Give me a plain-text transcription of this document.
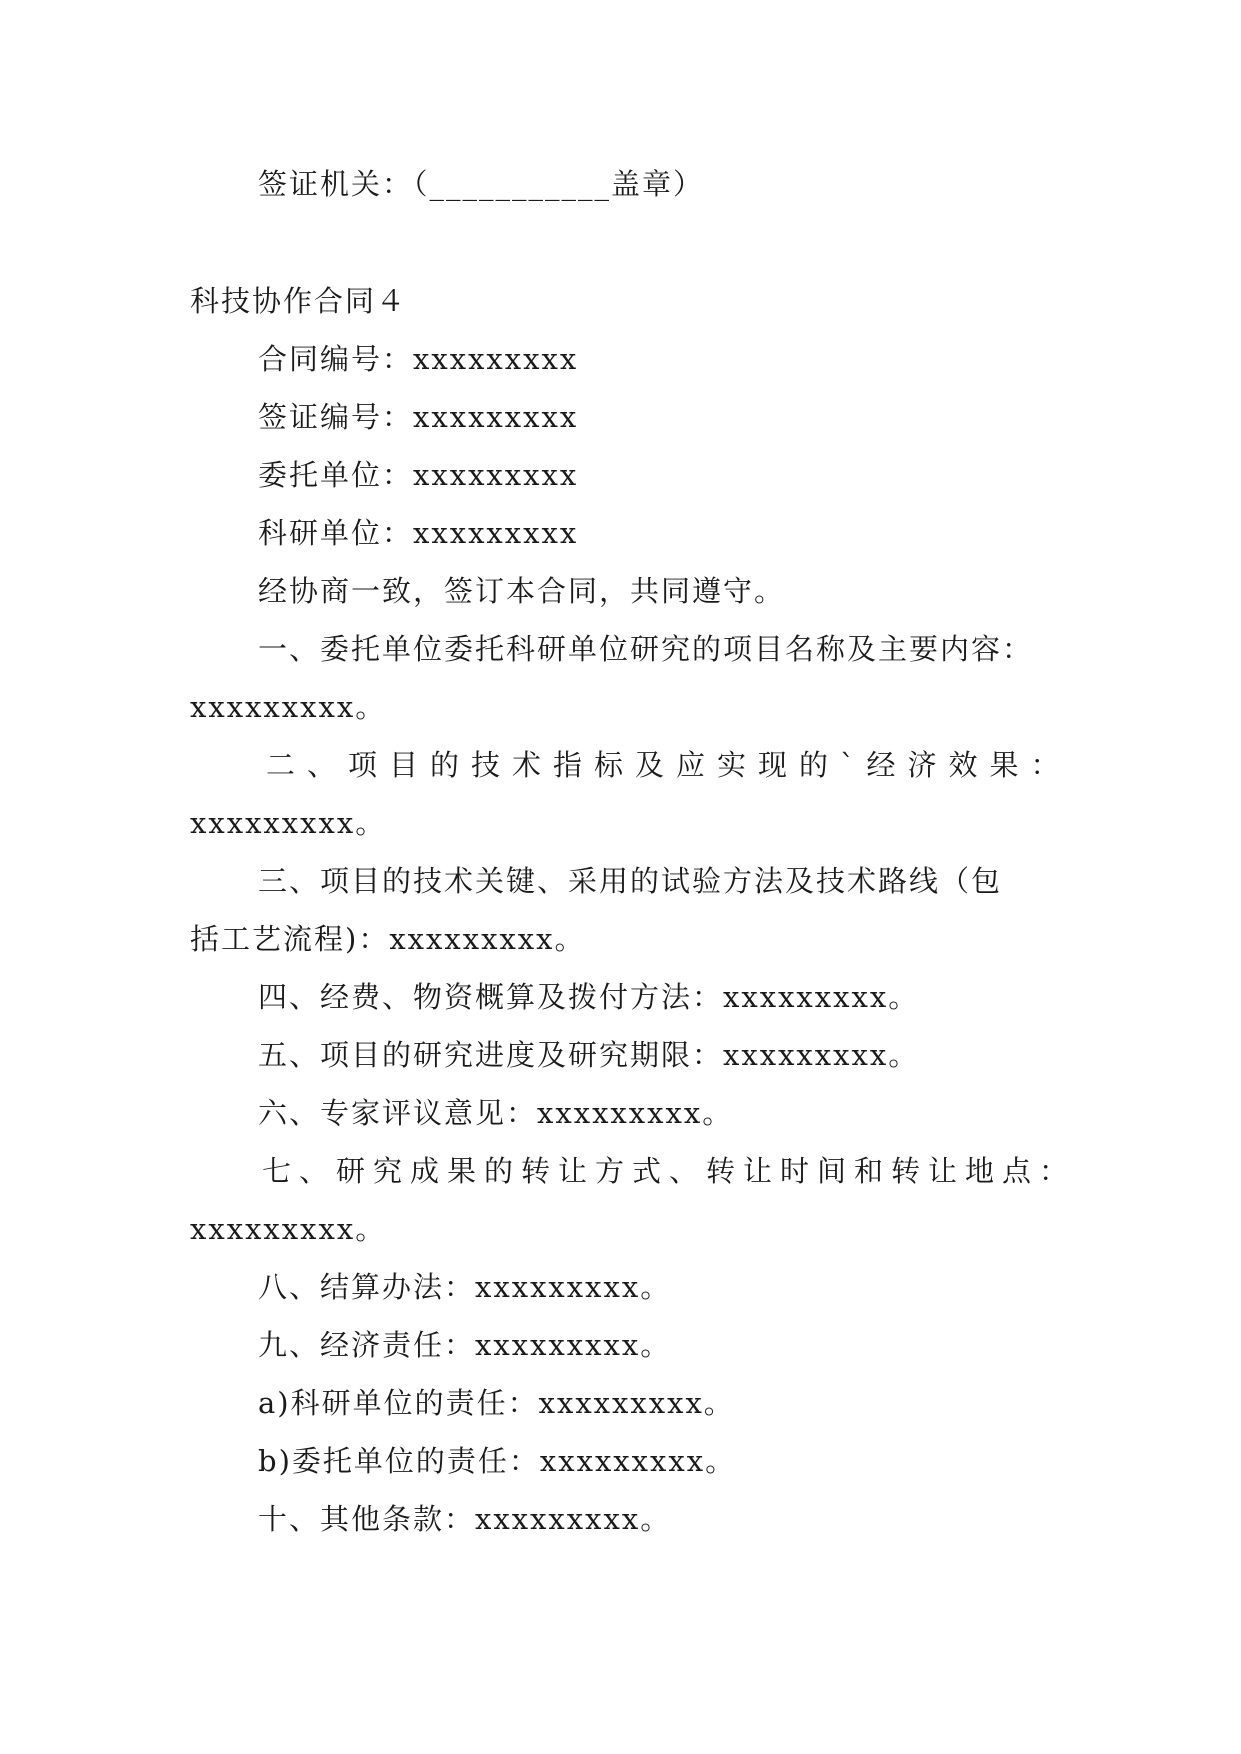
签证机关：（___________盖章）
科技协作合同４
合同编号：xxxxxxxxx
签证编号：xxxxxxxxx
委托单位：xxxxxxxxx
科研单位：xxxxxxxxx
经协商一致，签订本合同，共同遵守。
一、委托单位委托科研单位研究的项目名称及主要内容：
xxxxxxxxx。
二、项目的技术指标及应实现的`经济效果：
xxxxxxxxx。
三、项目的技术关键、采用的试验方法及技术路线（包
括工艺流程)：xxxxxxxxx。
四、经费、物资概算及拨付方法：xxxxxxxxx。
五、项目的研究进度及研究期限：xxxxxxxxx。
六、专家评议意见：xxxxxxxxx。
七、研究成果的转让方式、转让时间和转让地点：
xxxxxxxxx。
八、结算办法：xxxxxxxxx。
九、经济责任：xxxxxxxxx。
a)科研单位的责任：xxxxxxxxx。
b)委托单位的责任：xxxxxxxxx。
十、其他条款：xxxxxxxxx。
